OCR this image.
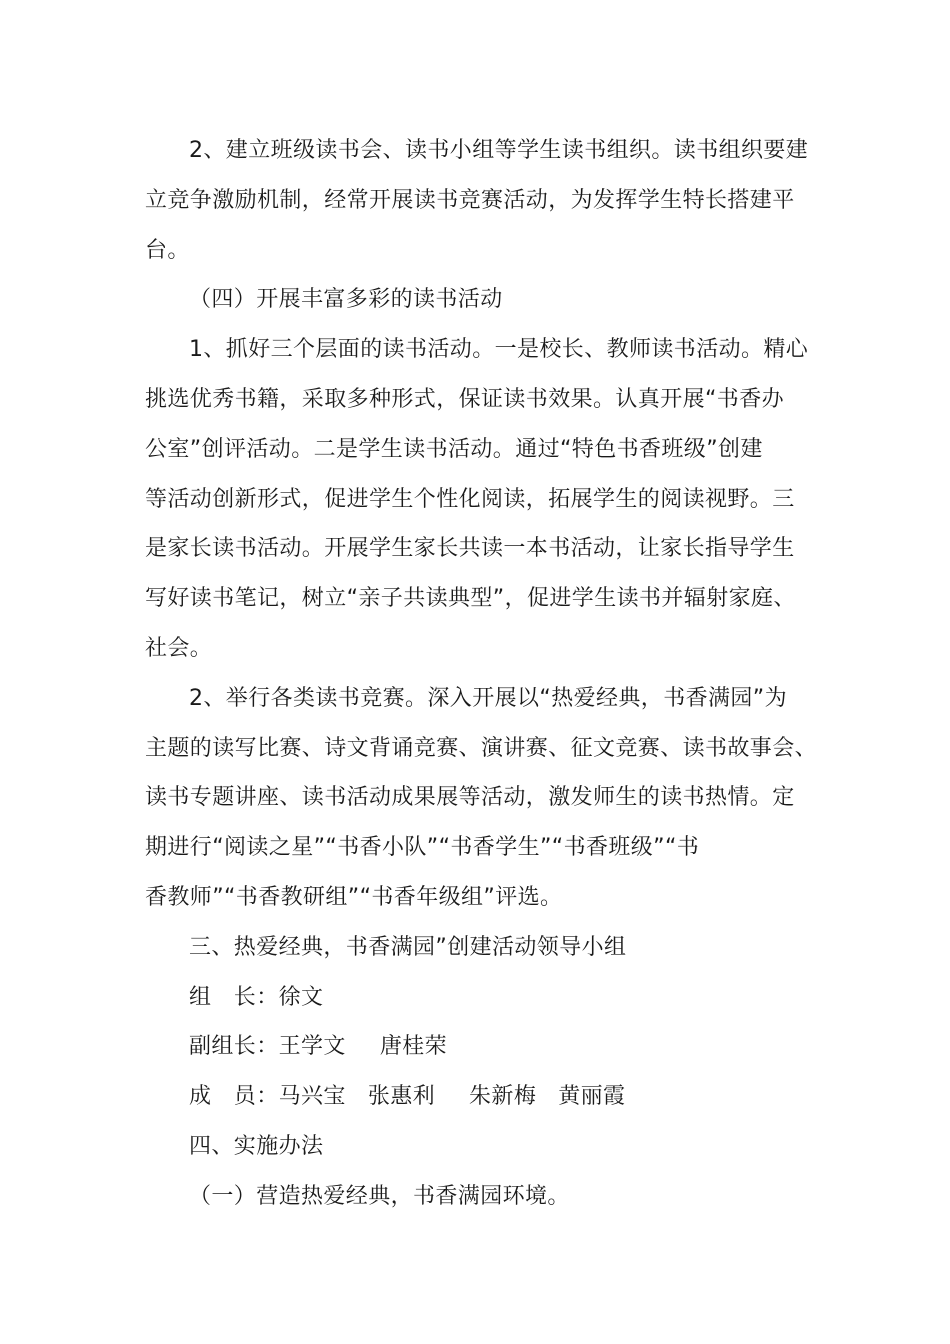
2、建立班级读书会、读书小组等学生读书组织。读书组织要建
立竞争激励机制，经常开展读书竞赛活动，为发挥学生特长搭建平
台。
（四）开展丰富多彩的读书活动
1、抓好三个层面的读书活动。一是校长、教师读书活动。精心
挑选优秀书籍，采取多种形式，保证读书效果。认真开展“书香办
公室”创评活动。二是学生读书活动。通过“特色书香班级”创建
等活动创新形式，促进学生个性化阅读，拓展学生的阅读视野。三
是家长读书活动。开展学生家长共读一本书活动，让家长指导学生
写好读书笔记，树立“亲子共读典型”，促进学生读书并辐射家庭、
社会。
2、举行各类读书竞赛。深入开展以“热爱经典，书香满园”为
主题的读写比赛、诗文背诵竞赛、演讲赛、征文竞赛、读书故事会、
读书专题讲座、读书活动成果展等活动，激发师生的读书热情。定
期进行“阅读之星”“书香小队”“书香学生”“书香班级”“书
香教师”“书香教研组”“书香年级组”评选。
三、热爱经典，书香满园”创建活动领导小组
组　长：徐文
副组长：王学文 唐桂荣
成　员：马兴宝 张惠利 朱新梅 黄丽霞
四、实施办法
（一）营造热爱经典，书香满园环境。
